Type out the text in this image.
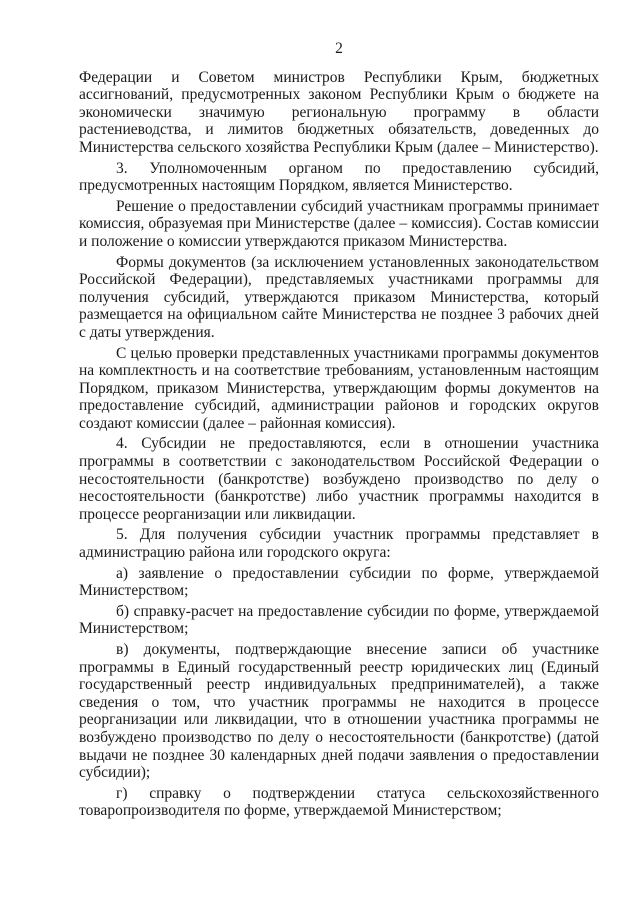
2

Федерации и Советом министров Республики Крым, бюджетных ассигнований, предусмотренных законом Республики Крым о бюджете на экономически значимую региональную программу в области растениеводства, и лимитов бюджетных обязательств, доведенных до Министерства сельского хозяйства Республики Крым (далее – Министерство).

3. Уполномоченным органом по предоставлению субсидий, предусмотренных настоящим Порядком, является Министерство.

Решение о предоставлении субсидий участникам программы принимает комиссия, образуемая при Министерстве (далее – комиссия). Состав комиссии и положение о комиссии утверждаются приказом Министерства.

Формы документов (за исключением установленных законодательством Российской Федерации), представляемых участниками программы для получения субсидий, утверждаются приказом Министерства, который размещается на официальном сайте Министерства не позднее 3 рабочих дней с даты утверждения.

С целью проверки представленных участниками программы документов на комплектность и на соответствие требованиям, установленным настоящим Порядком, приказом Министерства, утверждающим формы документов на предоставление субсидий, администрации районов и городских округов создают комиссии (далее – районная комиссия).

4. Субсидии не предоставляются, если в отношении участника программы в соответствии с законодательством Российской Федерации о несостоятельности (банкротстве) возбуждено производство по делу о несостоятельности (банкротстве) либо участник программы находится в процессе реорганизации или ликвидации.

5. Для получения субсидии участник программы представляет в администрацию района или городского округа:

а) заявление о предоставлении субсидии по форме, утверждаемой Министерством;

б) справку-расчет на предоставление субсидии по форме, утверждаемой Министерством;

в) документы, подтверждающие внесение записи об участнике программы в Единый государственный реестр юридических лиц (Единый государственный реестр индивидуальных предпринимателей), а также сведения о том, что участник программы не находится в процессе реорганизации или ликвидации, что в отношении участника программы не возбуждено производство по делу о несостоятельности (банкротстве) (датой выдачи не позднее 30 календарных дней подачи заявления о предоставлении субсидии);

г) справку о подтверждении статуса сельскохозяйственного товаропроизводителя по форме, утверждаемой Министерством;
